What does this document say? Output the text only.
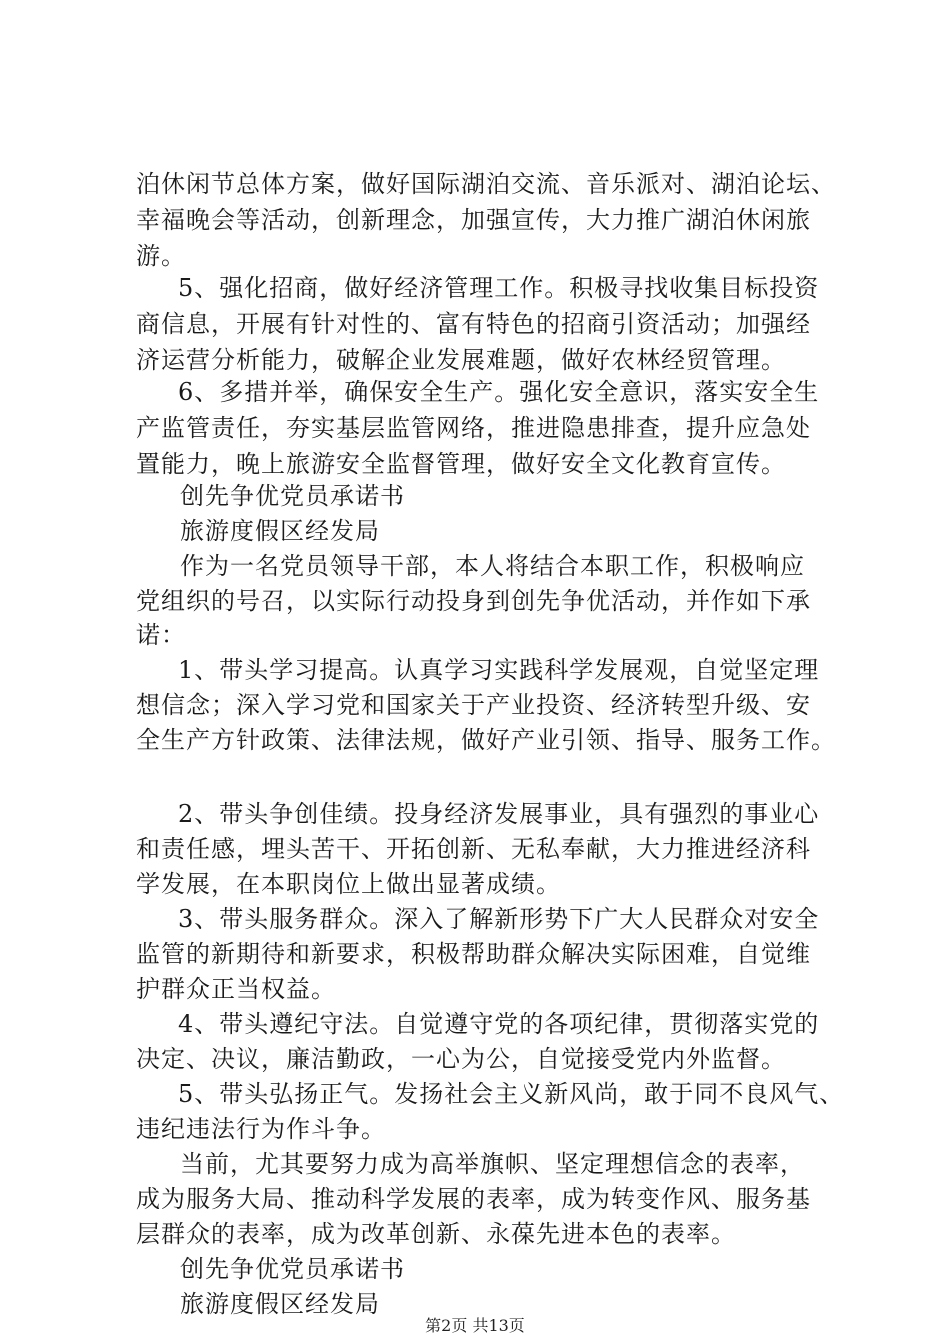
泊休闲节总体方案，做好国际湖泊交流、音乐派对、湖泊论坛、
幸福晚会等活动，创新理念，加强宣传，大力推广湖泊休闲旅
游。
5、强化招商，做好经济管理工作。积极寻找收集目标投资
商信息，开展有针对性的、富有特色的招商引资活动；加强经
济运营分析能力，破解企业发展难题，做好农林经贸管理。
6、多措并举，确保安全生产。强化安全意识，落实安全生
产监管责任，夯实基层监管网络，推进隐患排查，提升应急处
置能力，晚上旅游安全监督管理，做好安全文化教育宣传。
创先争优党员承诺书
旅游度假区经发局
作为一名党员领导干部，本人将结合本职工作，积极响应
党组织的号召，以实际行动投身到创先争优活动，并作如下承
诺：
1、带头学习提高。认真学习实践科学发展观，自觉坚定理
想信念；深入学习党和国家关于产业投资、经济转型升级、安
全生产方针政策、法律法规，做好产业引领、指导、服务工作。
2、带头争创佳绩。投身经济发展事业，具有强烈的事业心
和责任感，埋头苦干、开拓创新、无私奉献，大力推进经济科
学发展，在本职岗位上做出显著成绩。
3、带头服务群众。深入了解新形势下广大人民群众对安全
监管的新期待和新要求，积极帮助群众解决实际困难，自觉维
护群众正当权益。
4、带头遵纪守法。自觉遵守党的各项纪律，贯彻落实党的
决定、决议，廉洁勤政，一心为公，自觉接受党内外监督。
5、带头弘扬正气。发扬社会主义新风尚，敢于同不良风气、
违纪违法行为作斗争。
当前，尤其要努力成为高举旗帜、坚定理想信念的表率，
成为服务大局、推动科学发展的表率，成为转变作风、服务基
层群众的表率，成为改革创新、永葆先进本色的表率。
创先争优党员承诺书
旅游度假区经发局
第2页 共13页
